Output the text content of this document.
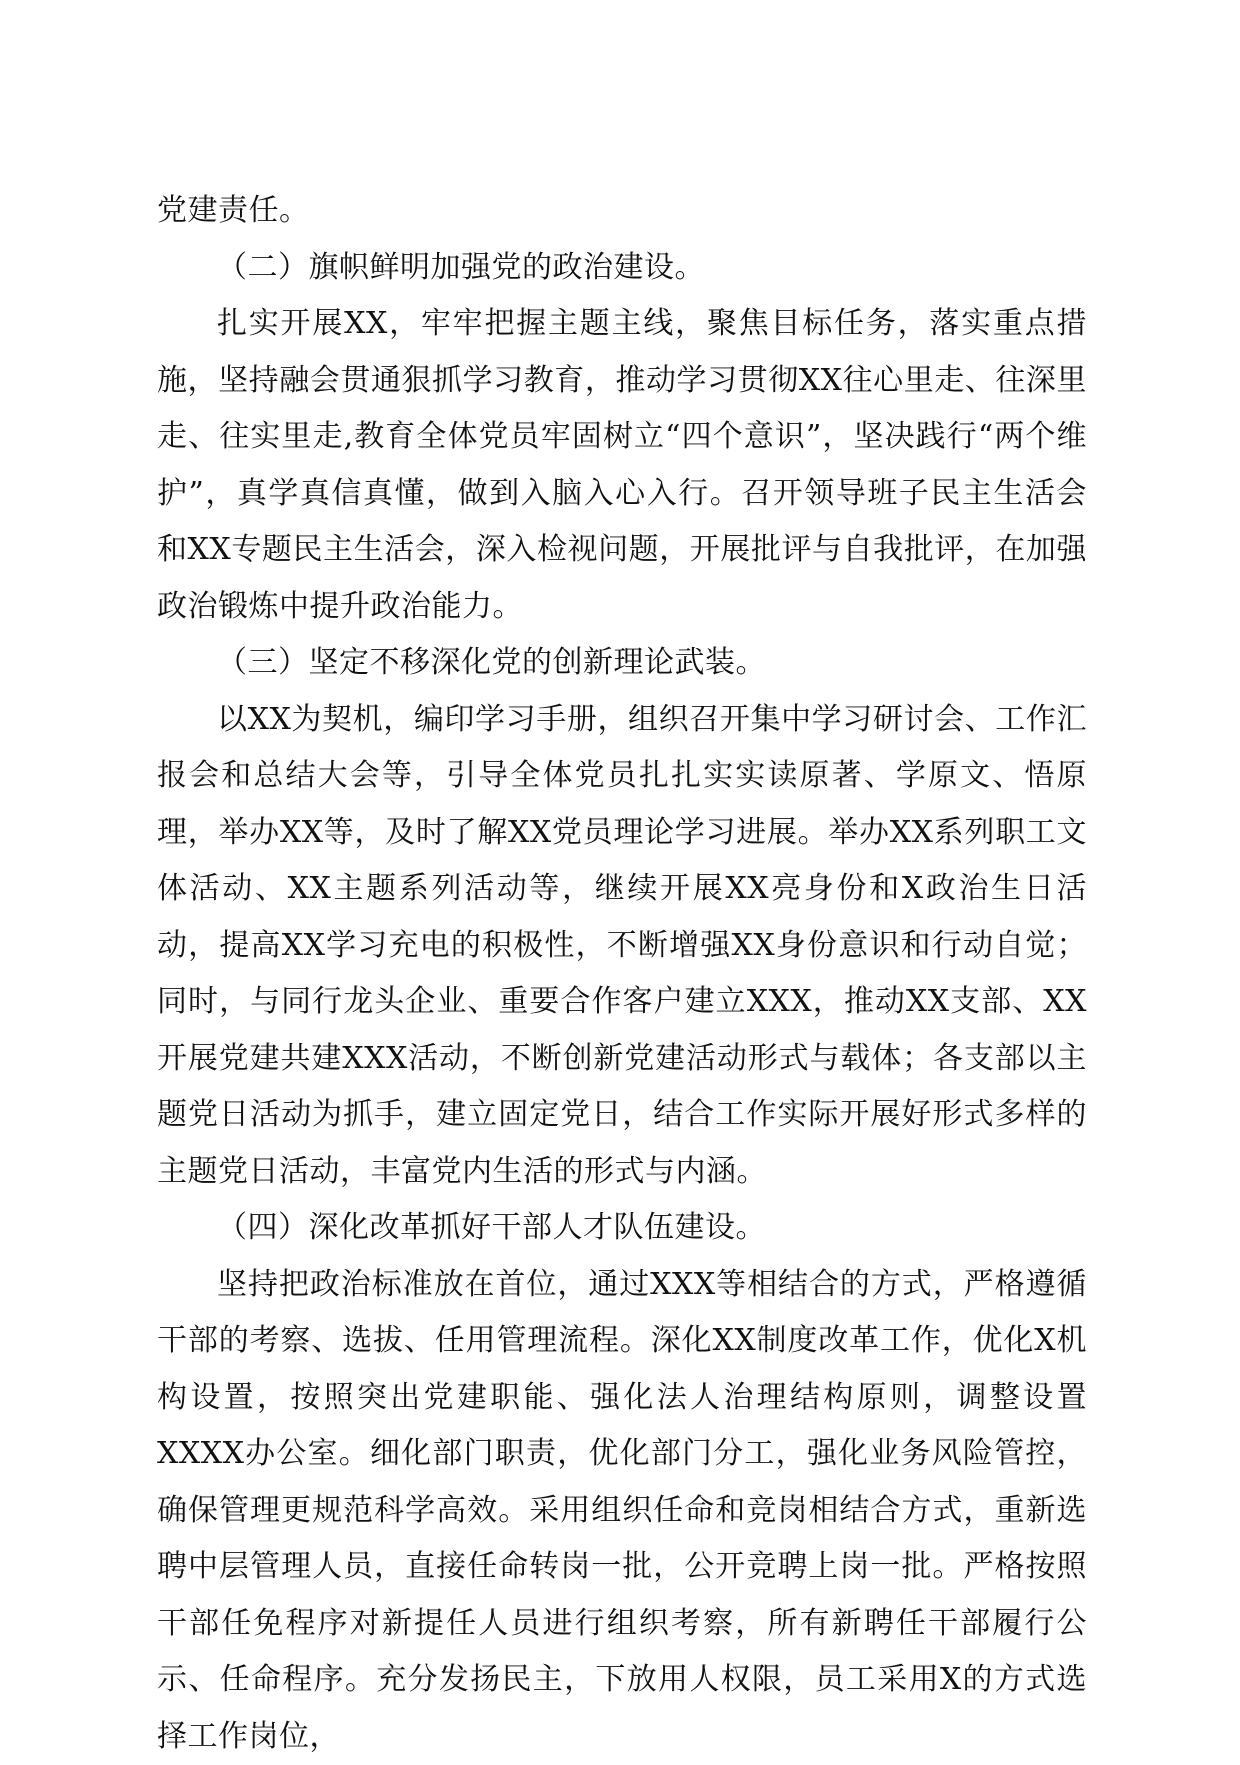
党建责任。

（二）旗帜鲜明加强党的政治建设。

扎实开展XX，牢牢把握主题主线，聚焦目标任务，落实重点措施，坚持融会贯通狠抓学习教育，推动学习贯彻XX往心里走、往深里走、往实里走,教育全体党员牢固树立“四个意识”，坚决践行“两个维护”，真学真信真懂，做到入脑入心入行。召开领导班子民主生活会和XX专题民主生活会，深入检视问题，开展批评与自我批评，在加强政治锻炼中提升政治能力。

（三）坚定不移深化党的创新理论武装。

以XX为契机，编印学习手册，组织召开集中学习研讨会、工作汇报会和总结大会等，引导全体党员扎扎实实读原著、学原文、悟原理，举办XX等，及时了解XX党员理论学习进展。举办XX系列职工文体活动、XX主题系列活动等，继续开展XX亮身份和X政治生日活动，提高XX学习充电的积极性，不断增强XX身份意识和行动自觉；同时，与同行龙头企业、重要合作客户建立XXX，推动XX支部、XX开展党建共建XXX活动，不断创新党建活动形式与载体；各支部以主题党日活动为抓手，建立固定党日，结合工作实际开展好形式多样的主题党日活动，丰富党内生活的形式与内涵。

（四）深化改革抓好干部人才队伍建设。

坚持把政治标准放在首位，通过XXX等相结合的方式，严格遵循干部的考察、选拔、任用管理流程。深化XX制度改革工作，优化X机构设置，按照突出党建职能、强化法人治理结构原则，调整设置XXXX办公室。细化部门职责，优化部门分工，强化业务风险管控，确保管理更规范科学高效。采用组织任命和竞岗相结合方式，重新选聘中层管理人员，直接任命转岗一批，公开竞聘上岗一批。严格按照干部任免程序对新提任人员进行组织考察，所有新聘任干部履行公示、任命程序。充分发扬民主，下放用人权限，员工采用X的方式选择工作岗位，
